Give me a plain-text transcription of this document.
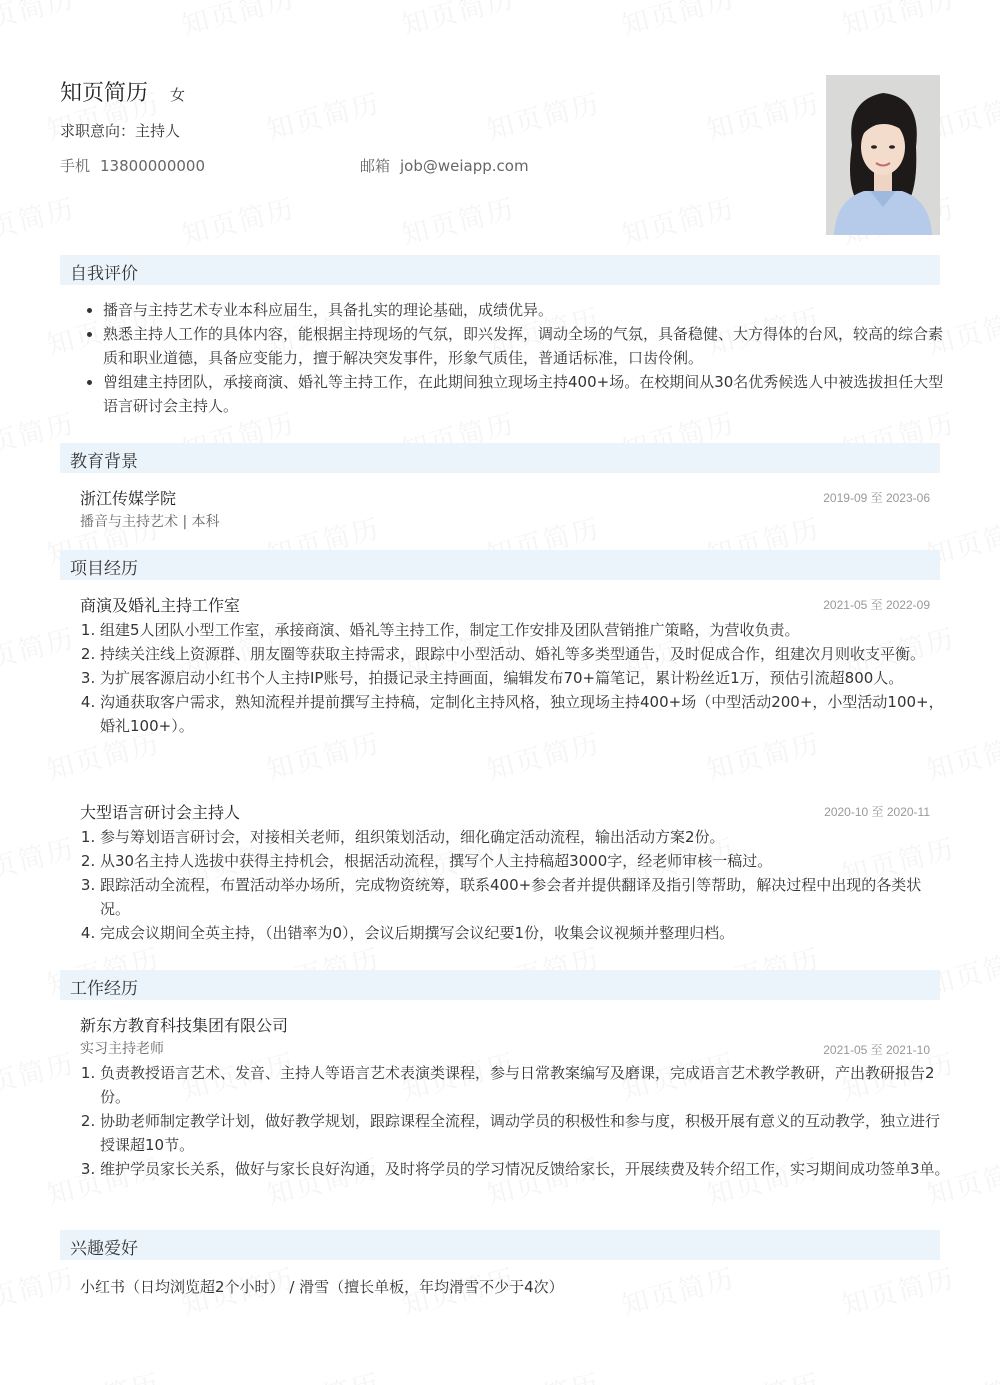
知页简历 女
求职意向：主持人
手机 13800000000	邮箱 job@weiapp.com
自我评价
• 播音与主持艺术专业本科应届生，具备扎实的理论基础，成绩优异。
• 熟悉主持人工作的具体内容，能根据主持现场的气氛，即兴发挥，调动全场的气氛，具备稳健、大方得体的台风，较高的综合素质和职业道德，具备应变能力，擅于解决突发事件，形象气质佳，普通话标准，口齿伶俐。
• 曾组建主持团队，承接商演、婚礼等主持工作，在此期间独立现场主持400+场。在校期间从30名优秀候选人中被选拔担任大型语言研讨会主持人。
教育背景
浙江传媒学院	2019-09 至 2023-06
播音与主持艺术 | 本科
项目经历
商演及婚礼主持工作室	2021-05 至 2022-09
1. 组建5人团队小型工作室，承接商演、婚礼等主持工作，制定工作安排及团队营销推广策略，为营收负责。
2. 持续关注线上资源群、朋友圈等获取主持需求，跟踪中小型活动、婚礼等多类型通告，及时促成合作，组建次月则收支平衡。
3. 为扩展客源启动小红书个人主持IP账号，拍摄记录主持画面，编辑发布70+篇笔记，累计粉丝近1万，预估引流超800人。
4. 沟通获取客户需求，熟知流程并提前撰写主持稿，定制化主持风格，独立现场主持400+场（中型活动200+，小型活动100+，婚礼100+）。
大型语言研讨会主持人	2020-10 至 2020-11
1. 参与筹划语言研讨会，对接相关老师，组织策划活动，细化确定活动流程，输出活动方案2份。
2. 从30名主持人选拔中获得主持机会，根据活动流程，撰写个人主持稿超3000字，经老师审核一稿过。
3. 跟踪活动全流程，布置活动举办场所，完成物资统筹，联系400+参会者并提供翻译及指引等帮助，解决过程中出现的各类状况。
4. 完成会议期间全英主持，（出错率为0），会议后期撰写会议纪要1份，收集会议视频并整理归档。
工作经历
新东方教育科技集团有限公司
实习主持老师	2021-05 至 2021-10
1. 负责教授语言艺术、发音、主持人等语言艺术表演类课程，参与日常教案编写及磨课，完成语言艺术教学教研，产出教研报告2份。
2. 协助老师制定教学计划，做好教学规划，跟踪课程全流程，调动学员的积极性和参与度，积极开展有意义的互动教学，独立进行授课超10节。
3. 维护学员家长关系，做好与家长良好沟通，及时将学员的学习情况反馈给家长，开展续费及转介绍工作，实习期间成功签单3单。
兴趣爱好
小红书（日均浏览超2个小时） / 滑雪（擅长单板，年均滑雪不少于4次）
